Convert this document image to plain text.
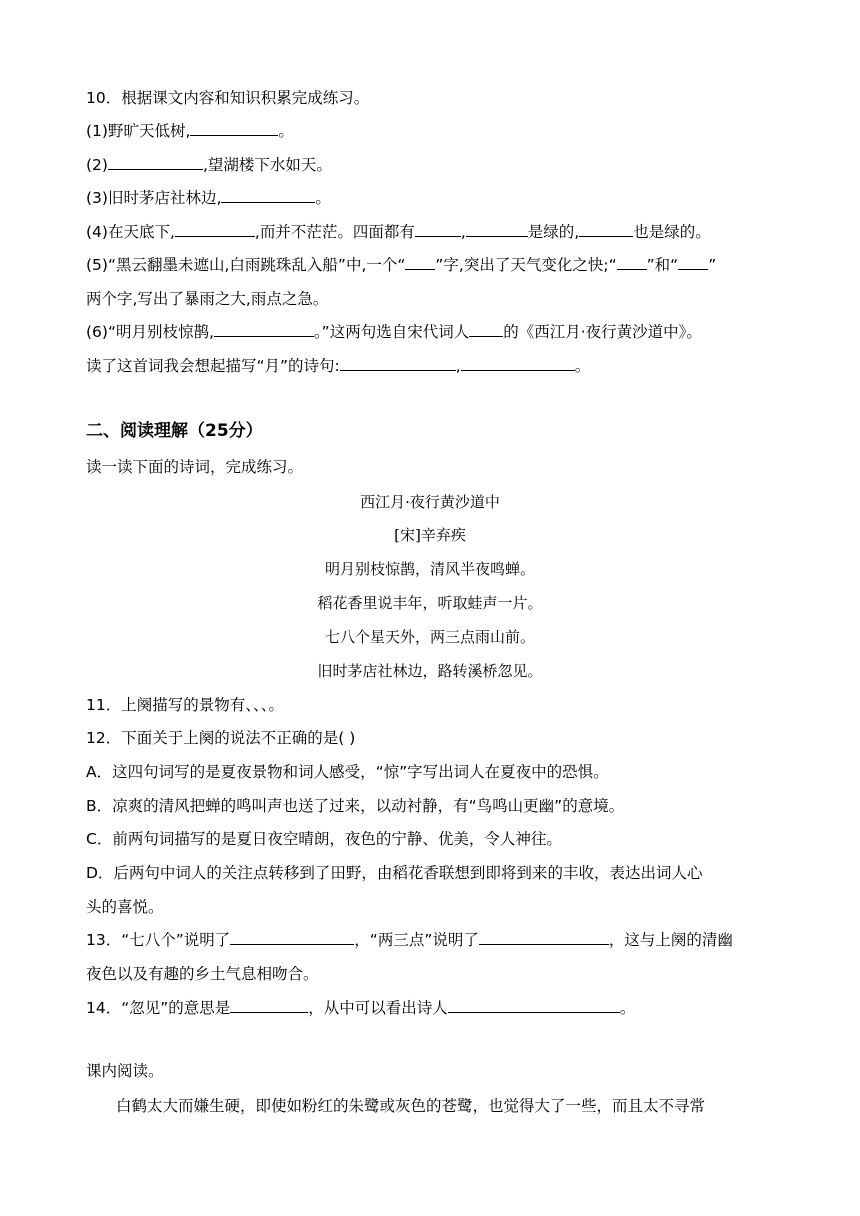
10．根据课文内容和知识积累完成练习。
(1)野旷天低树,	。
(2)	,望湖楼下水如天。
(3)旧时茅店社林边,	。
(4)在天底下,	,而并不茫茫。四面都有	,	是绿的,	也是绿的。
(5)“黑云翻墨未遮山,白雨跳珠乱入船”中,一个“ ”字,突出了天气变化之快;“ ”和“ ”
两个字,写出了暴雨之大,雨点之急。
(6)“明月别枝惊鹊,	。”这两句选自宋代词人 的《西江月·夜行黄沙道中》。
读了这首词我会想起描写“月”的诗句:	,	。
二、阅读理解（25分）
读一读下面的诗词，完成练习。
西江月·夜行黄沙道中
[宋]辛弃疾
明月别枝惊鹊，清风半夜鸣蝉。
稻花香里说丰年，听取蛙声一片。
七八个星天外，两三点雨山前。
旧时茅店社林边，路转溪桥忽见。
11．上阕描写的景物有、、、。
12．下面关于上阕的说法不正确的是( )
A．这四句词写的是夏夜景物和词人感受，“惊”字写出词人在夏夜中的恐惧。
B．凉爽的清风把蝉的鸣叫声也送了过来，以动衬静，有“鸟鸣山更幽”的意境。
C．前两句词描写的是夏日夜空晴朗，夜色的宁静、优美，令人神往。
D．后两句中词人的关注点转移到了田野，由稻花香联想到即将到来的丰收，表达出词人心
头的喜悦。
13．“七八个”说明了	，“两三点”说明了	，这与上阕的清幽
夜色以及有趣的乡土气息相吻合。
14．“忽见”的意思是	，从中可以看出诗人	。
课内阅读。
白鹤太大而嫌生硬，即使如粉红的朱鹭或灰色的苍鹭，也觉得大了一些，而且太不寻常
